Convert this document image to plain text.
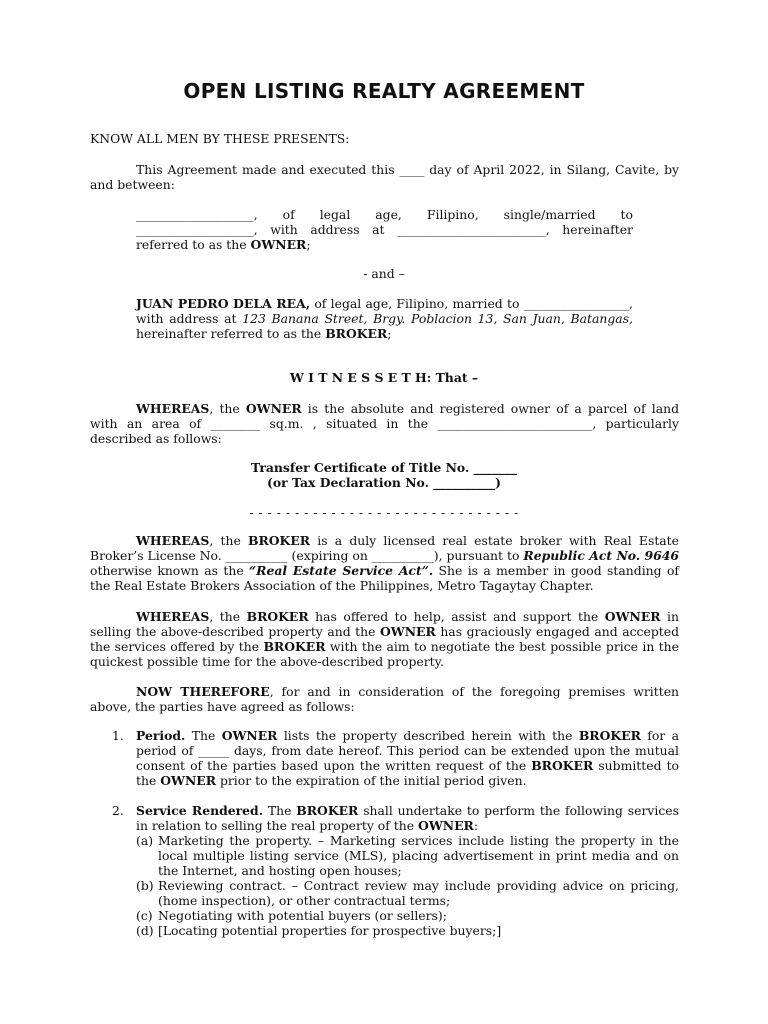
OPEN LISTING REALTY AGREEMENT
KNOW ALL MEN BY THESE PRESENTS:
This Agreement made and executed this ____ day of April 2022, in Silang, Cavite, by and between:
___________________, of legal age, Filipino, single/married to
___________________, with address at ________________________, hereinafter
referred to as the OWNER;
- and –
JUAN PEDRO DELA REA, of legal age, Filipino, married to _________________,
with address at 123 Banana Street, Brgy. Poblacion 13, San Juan, Batangas,
hereinafter referred to as the BROKER;
W I T N E S S E T H: That –
WHEREAS, the OWNER is the absolute and registered owner of a parcel of land with an area of ________ sq.m. , situated in the _________________________, particularly described as follows:
Transfer Certificate of Title No. _______
(or Tax Declaration No. __________)
- - - - - - - - - - - - - - - - - - - - - - - - - - - - - -
WHEREAS, the BROKER is a duly licensed real estate broker with Real Estate Broker’s License No. __________ (expiring on __________), pursuant to Republic Act No. 9646 otherwise known as the “Real Estate Service Act”. She is a member in good standing of the Real Estate Brokers Association of the Philippines, Metro Tagaytay Chapter.
WHEREAS, the BROKER has offered to help, assist and support the OWNER in selling the above-described property and the OWNER has graciously engaged and accepted the services offered by the BROKER with the aim to negotiate the best possible price in the quickest possible time for the above-described property.
NOW THEREFORE, for and in consideration of the foregoing premises written above, the parties have agreed as follows:
1. Period. The OWNER lists the property described herein with the BROKER for a period of _____ days, from date hereof. This period can be extended upon the mutual consent of the parties based upon the written request of the BROKER submitted to the OWNER prior to the expiration of the initial period given.
2. Service Rendered. The BROKER shall undertake to perform the following services in relation to selling the real property of the OWNER:
(a) Marketing the property. – Marketing services include listing the property in the local multiple listing service (MLS), placing advertisement in print media and on the Internet, and hosting open houses;
(b) Reviewing contract. – Contract review may include providing advice on pricing, (home inspection), or other contractual terms;
(c) Negotiating with potential buyers (or sellers);
(d) [Locating potential properties for prospective buyers;]
